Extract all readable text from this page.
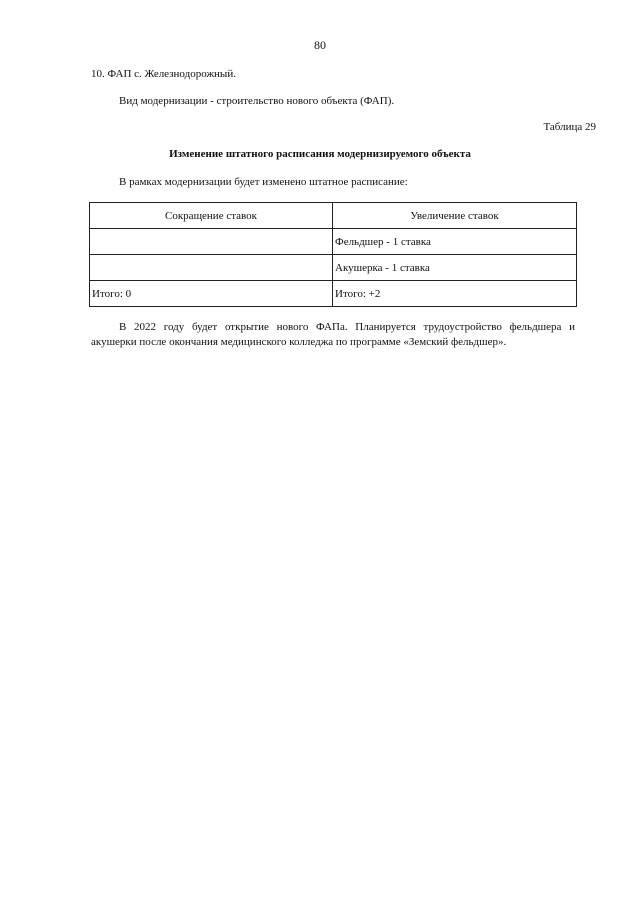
80
10. ФАП с. Железнодорожный.
Вид модернизации - строительство нового объекта (ФАП).
Таблица 29
Изменение штатного расписания модернизируемого объекта
В рамках модернизации будет изменено штатное расписание:
Сокращение ставок	Увеличение ставок
	Фельдшер - 1 ставка
	Акушерка - 1 ставка
Итого: 0	Итого: +2
В 2022 году будет открытие нового ФАПа. Планируется трудоустройство фельдшера и
акушерки после окончания медицинского колледжа по программе «Земский фельдшер».
